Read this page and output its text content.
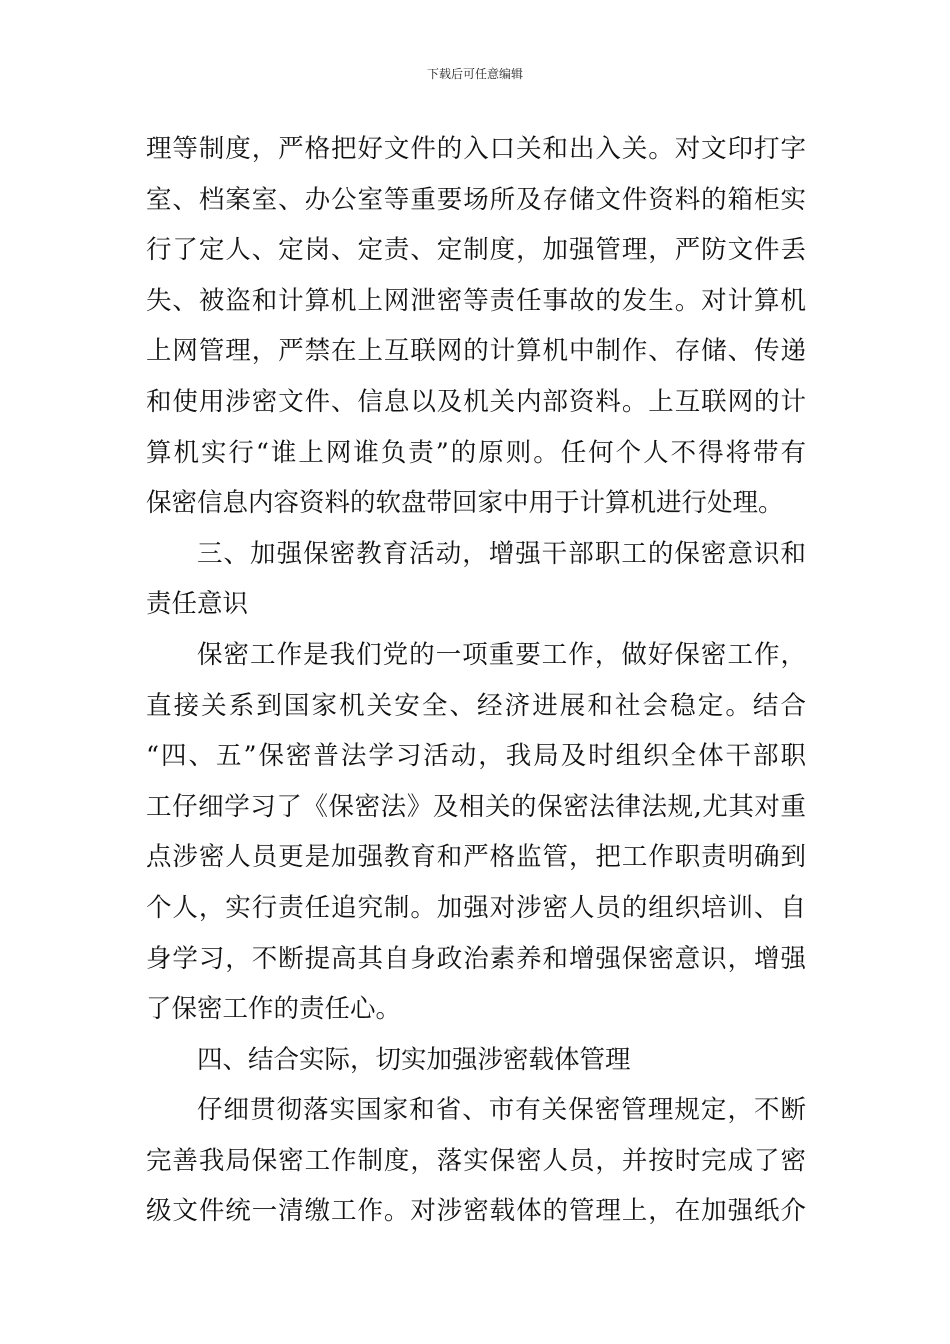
下载后可任意编辑
理等制度，严格把好文件的入口关和出入关。对文印打字
室、档案室、办公室等重要场所及存储文件资料的箱柜实
行了定人、定岗、定责、定制度，加强管理，严防文件丢
失、被盗和计算机上网泄密等责任事故的发生。对计算机
上网管理，严禁在上互联网的计算机中制作、存储、传递
和使用涉密文件、信息以及机关内部资料。上互联网的计
算机实行“谁上网谁负责”的原则。任何个人不得将带有
保密信息内容资料的软盘带回家中用于计算机进行处理。
三、加强保密教育活动，增强干部职工的保密意识和
责任意识
保密工作是我们党的一项重要工作，做好保密工作，
直接关系到国家机关安全、经济进展和社会稳定。结合
“四、五”保密普法学习活动，我局及时组织全体干部职
工仔细学习了《保密法》及相关的保密法律法规,尤其对重
点涉密人员更是加强教育和严格监管，把工作职责明确到
个人，实行责任追究制。加强对涉密人员的组织培训、自
身学习，不断提高其自身政治素养和增强保密意识，增强
了保密工作的责任心。
四、结合实际，切实加强涉密载体管理
仔细贯彻落实国家和省、市有关保密管理规定，不断
完善我局保密工作制度，落实保密人员，并按时完成了密
级文件统一清缴工作。对涉密载体的管理上，在加强纸介
